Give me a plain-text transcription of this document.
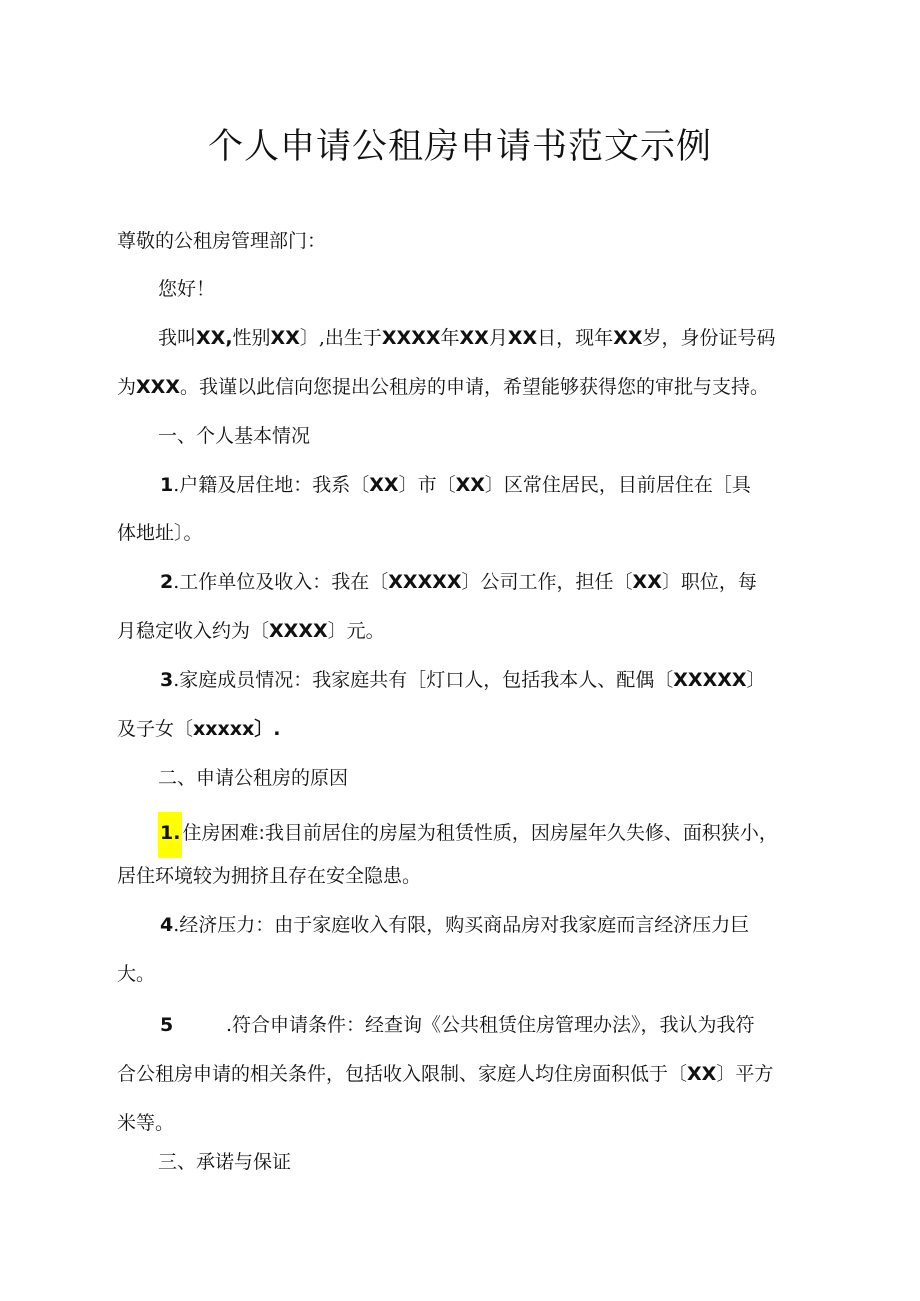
个人申请公租房申请书范文示例
尊敬的公租房管理部门：
您好！
我叫XX,性别XX〕,出生于XXXX年XX月XX日，现年XX岁，身份证号码
为XXX。我谨以此信向您提出公租房的申请，希望能够获得您的审批与支持。
一、个人基本情况
1.户籍及居住地：我系〔XX〕市〔XX〕区常住居民，目前居住在［具
体地址〕。
2.工作单位及收入：我在〔XXXXX〕公司工作，担任〔XX〕职位，每
月稳定收入约为〔XXXX〕元。
3.家庭成员情况：我家庭共有［灯口人，包括我本人、配偶〔XXXXX〕
及子女〔xxxxx〕.
二、申请公租房的原因
1. 住房困难:我目前居住的房屋为租赁性质，因房屋年久失修、面积狭小，
居住环境较为拥挤且存在安全隐患。
4.经济压力：由于家庭收入有限，购买商品房对我家庭而言经济压力巨
大。
5	.符合申请条件：经查询《公共租赁住房管理办法》，我认为我符
合公租房申请的相关条件，包括收入限制、家庭人均住房面积低于〔XX〕平方
米等。
三、承诺与保证
